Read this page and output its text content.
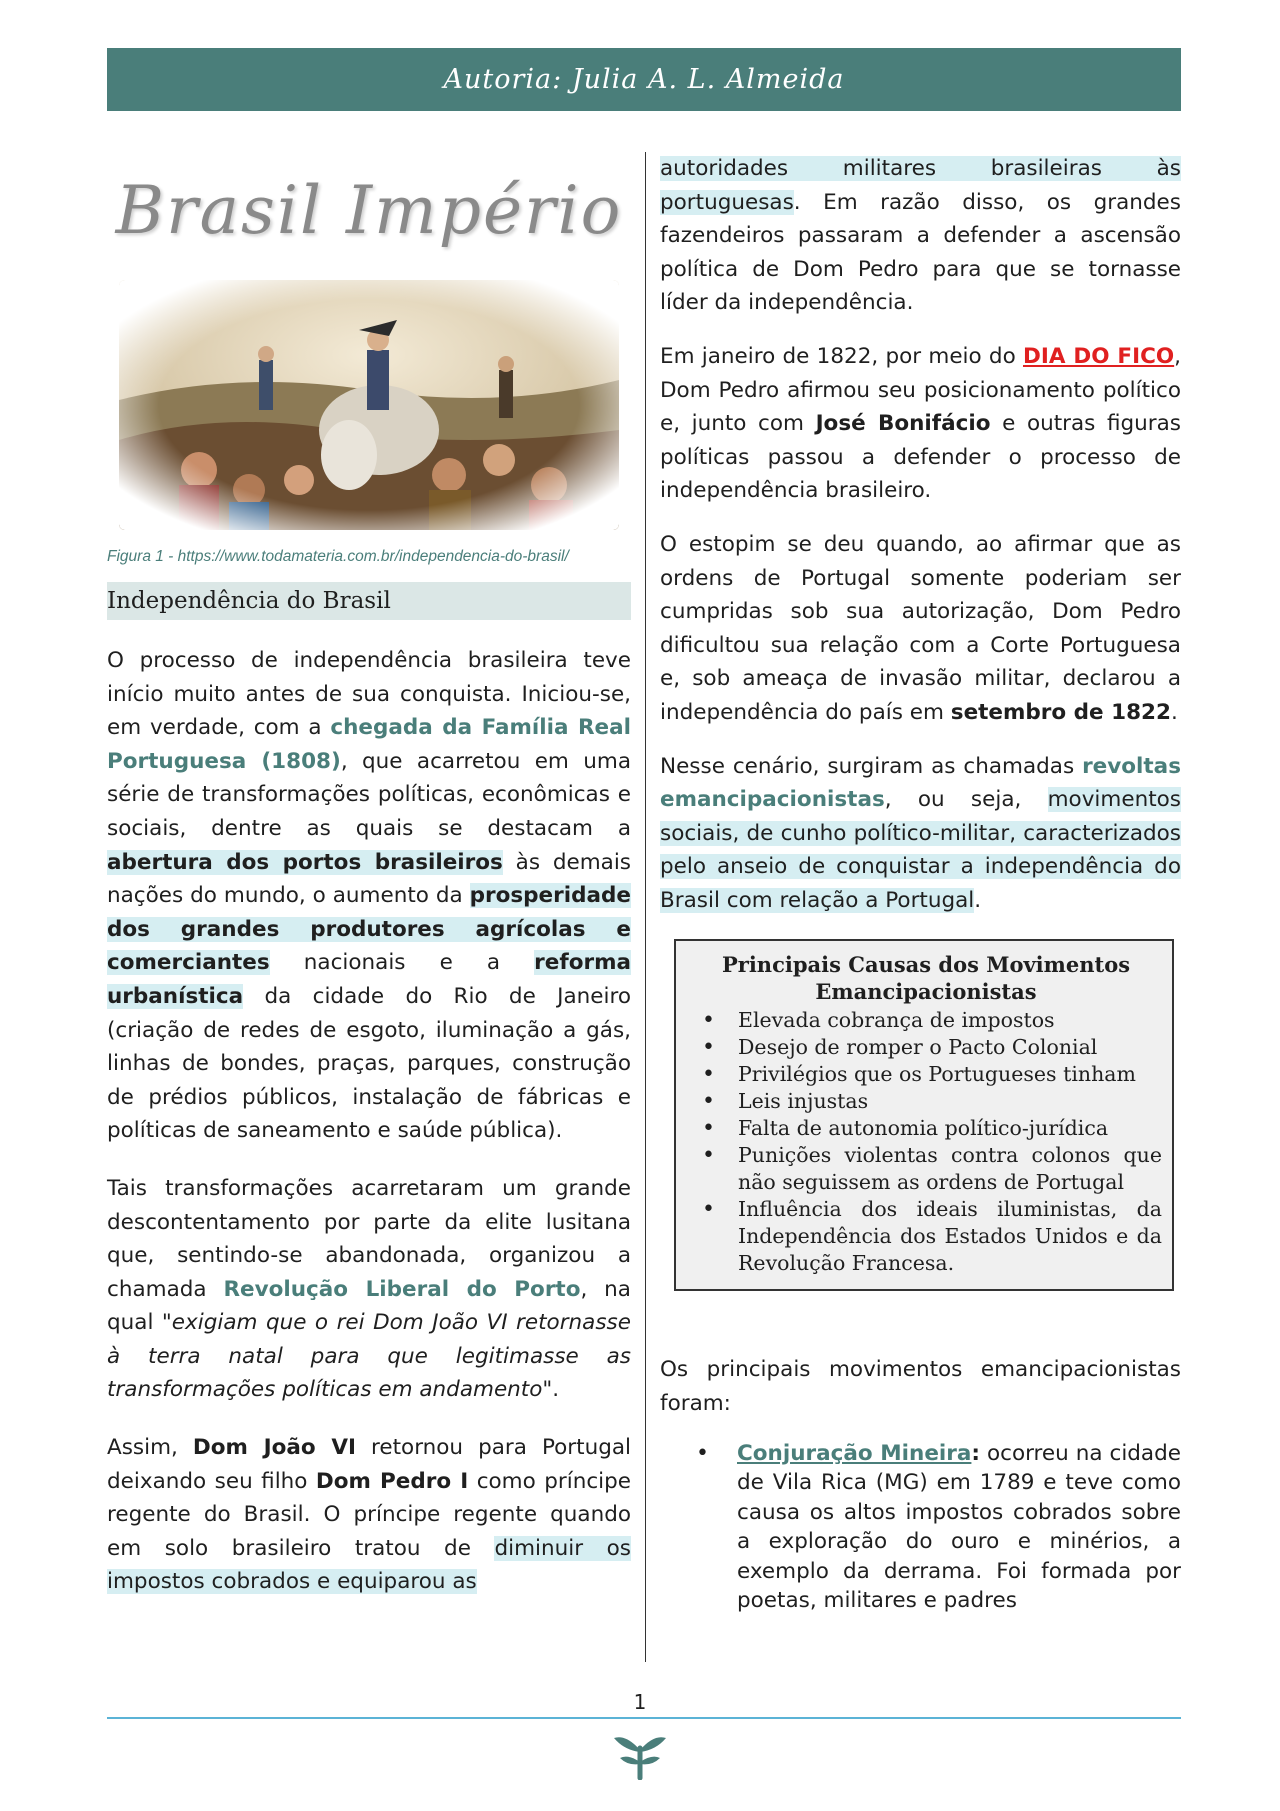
Autoria: Julia A. L. Almeida
Brasil Império
Figura 1 - https://www.todamateria.com.br/independencia-do-brasil/
Independência do Brasil

O processo de independência brasileira teve início muito antes de sua conquista. Iniciou-se, em verdade, com a chegada da Família Real Portuguesa (1808), que acarretou em uma série de transformações políticas, econômicas e sociais, dentre as quais se destacam a abertura dos portos brasileiros às demais nações do mundo, o aumento da prosperidade dos grandes produtores agrícolas e comerciantes nacionais e a reforma urbanística da cidade do Rio de Janeiro (criação de redes de esgoto, iluminação a gás, linhas de bondes, praças, parques, construção de prédios públicos, instalação de fábricas e políticas de saneamento e saúde pública).

Tais transformações acarretaram um grande descontentamento por parte da elite lusitana que, sentindo-se abandonada, organizou a chamada Revolução Liberal do Porto, na qual "exigiam que o rei Dom João VI retornasse à terra natal para que legitimasse as transformações políticas em andamento".

Assim, Dom João VI retornou para Portugal deixando seu filho Dom Pedro I como príncipe regente do Brasil. O príncipe regente quando em solo brasileiro tratou de diminuir os impostos cobrados e equiparou as

autoridades militares brasileiras às portuguesas. Em razão disso, os grandes fazendeiros passaram a defender a ascensão política de Dom Pedro para que se tornasse líder da independência.

Em janeiro de 1822, por meio do DIA DO FICO, Dom Pedro afirmou seu posicionamento político e, junto com José Bonifácio e outras figuras políticas passou a defender o processo de independência brasileiro.

O estopim se deu quando, ao afirmar que as ordens de Portugal somente poderiam ser cumpridas sob sua autorização, Dom Pedro dificultou sua relação com a Corte Portuguesa e, sob ameaça de invasão militar, declarou a independência do país em setembro de 1822.

Nesse cenário, surgiram as chamadas revoltas emancipacionistas, ou seja, movimentos sociais, de cunho político-militar, caracterizados pelo anseio de conquistar a independência do Brasil com relação a Portugal.

Principais Causas dos Movimentos Emancipacionistas
• Elevada cobrança de impostos
• Desejo de romper o Pacto Colonial
• Privilégios que os Portugueses tinham
• Leis injustas
• Falta de autonomia político-jurídica
• Punições violentas contra colonos que não seguissem as ordens de Portugal
• Influência dos ideais iluministas, da Independência dos Estados Unidos e da Revolução Francesa.

Os principais movimentos emancipacionistas foram:

• Conjuração Mineira: ocorreu na cidade de Vila Rica (MG) em 1789 e teve como causa os altos impostos cobrados sobre a exploração do ouro e minérios, a exemplo da derrama. Foi formada por poetas, militares e padres
1
